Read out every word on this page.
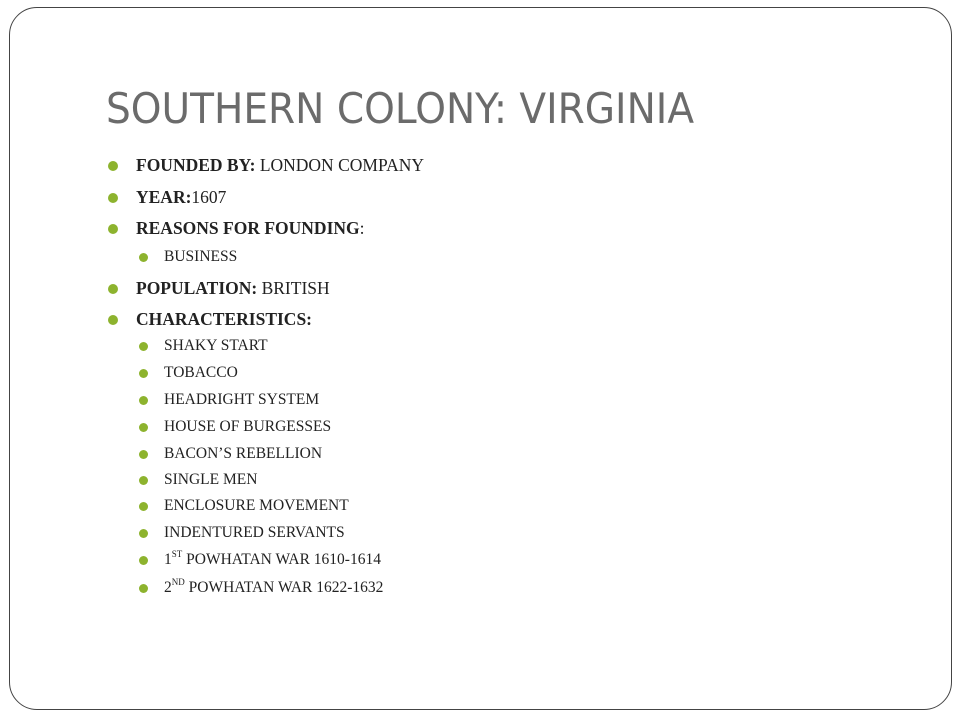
SOUTHERN COLONY: VIRGINIA
FOUNDED BY: LONDON COMPANY
YEAR:1607
REASONS FOR FOUNDING:
BUSINESS
POPULATION: BRITISH
CHARACTERISTICS:
SHAKY START
TOBACCO
HEADRIGHT SYSTEM
HOUSE OF BURGESSES
BACON’S REBELLION
SINGLE MEN
ENCLOSURE MOVEMENT
INDENTURED SERVANTS
1ST POWHATAN WAR 1610-1614
2ND POWHATAN WAR 1622-1632
